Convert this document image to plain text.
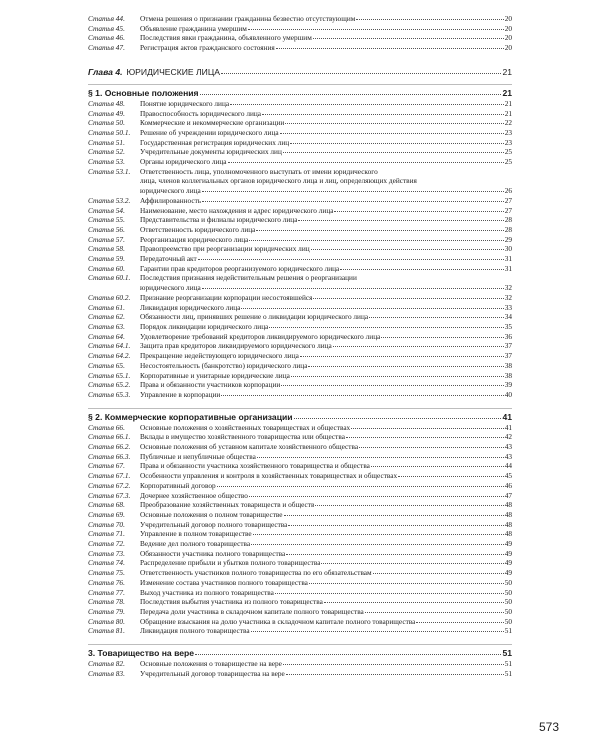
Статья 44.	Отмена решения о признании гражданина безвестно отсутствующим	20
Статья 45.	Объявление гражданина умершим	20
Статья 46.	Последствия явки гражданина, объявленного умершим	20
Статья 47.	Регистрация актов гражданского состояния	20
Глава 4. ЮРИДИЧЕСКИЕ ЛИЦА	21
§ 1. Основные положения	21
Статья 48.	Понятие юридического лица	21
Статья 49.	Правоспособность юридического лица	21
Статья 50.	Коммерческие и некоммерческие организации	22
Статья 50.1.	Решение об учреждении юридического лица	23
Статья 51.	Государственная регистрация юридических лиц	23
Статья 52.	Учредительные документы юридических лиц	25
Статья 53.	Органы юридического лица	25
Статья 53.1.	Ответственность лица, уполномоченного выступать от имени юридического
лица, членов коллегиальных органов юридического лица и лиц, определяющих действия
юридического лица	26
Статья 53.2.	Аффилированность	27
Статья 54.	Наименование, место нахождения и адрес юридического лица	27
Статья 55.	Представительства и филиалы юридического лица	28
Статья 56.	Ответственность юридического лица	28
Статья 57.	Реорганизация юридического лица	29
Статья 58.	Правопреемство при реорганизации юридических лиц	30
Статья 59.	Передаточный акт	31
Статья 60.	Гарантии прав кредиторов реорганизуемого юридического лица	31
Статья 60.1.	Последствия признания недействительным решения о реорганизации
юридического лица	32
Статья 60.2.	Признание реорганизации корпорации несостоявшейся	32
Статья 61.	Ликвидация юридического лица	33
Статья 62.	Обязанности лиц, принявших решение о ликвидации юридического лица	34
Статья 63.	Порядок ликвидации юридического лица	35
Статья 64.	Удовлетворение требований кредиторов ликвидируемого юридического лица	36
Статья 64.1.	Защита прав кредиторов ликвидируемого юридического лица	37
Статья 64.2.	Прекращение недействующего юридического лица	37
Статья 65.	Несостоятельность (банкротство) юридического лица	38
Статья 65.1.	Корпоративные и унитарные юридические лица	38
Статья 65.2.	Права и обязанности участников корпорации	39
Статья 65.3.	Управление в корпорации	40
§ 2. Коммерческие корпоративные организации	41
Статья 66.	Основные положения о хозяйственных товариществах и обществах	41
Статья 66.1.	Вклады в имущество хозяйственного товарищества или общества	42
Статья 66.2.	Основные положения об уставном капитале хозяйственного общества	43
Статья 66.3.	Публичные и непубличные общества	43
Статья 67.	Права и обязанности участника хозяйственного товарищества и общества	44
Статья 67.1.	Особенности управления и контроля в хозяйственных товариществах и обществах	45
Статья 67.2.	Корпоративный договор	46
Статья 67.3.	Дочернее хозяйственное общество	47
Статья 68.	Преобразование хозяйственных товариществ и обществ	48
Статья 69.	Основные положения о полном товариществе	48
Статья 70.	Учредительный договор полного товарищества	48
Статья 71.	Управление в полном товариществе	48
Статья 72.	Ведение дел полного товарищества	49
Статья 73.	Обязанности участника полного товарищества	49
Статья 74.	Распределение прибыли и убытков полного товарищества	49
Статья 75.	Ответственность участников полного товарищества по его обязательствам	49
Статья 76.	Изменение состава участников полного товарищества	50
Статья 77.	Выход участника из полного товарищества	50
Статья 78.	Последствия выбытия участника из полного товарищества	50
Статья 79.	Передача доли участника в складочном капитале полного товарищества	50
Статья 80.	Обращение взыскания на долю участника в складочном капитале полного товарищества	50
Статья 81.	Ликвидация полного товарищества	51
3. Товарищество на вере	51
Статья 82.	Основные положения о товариществе на вере	51
Статья 83.	Учредительный договор товарищества на вере	51
573
